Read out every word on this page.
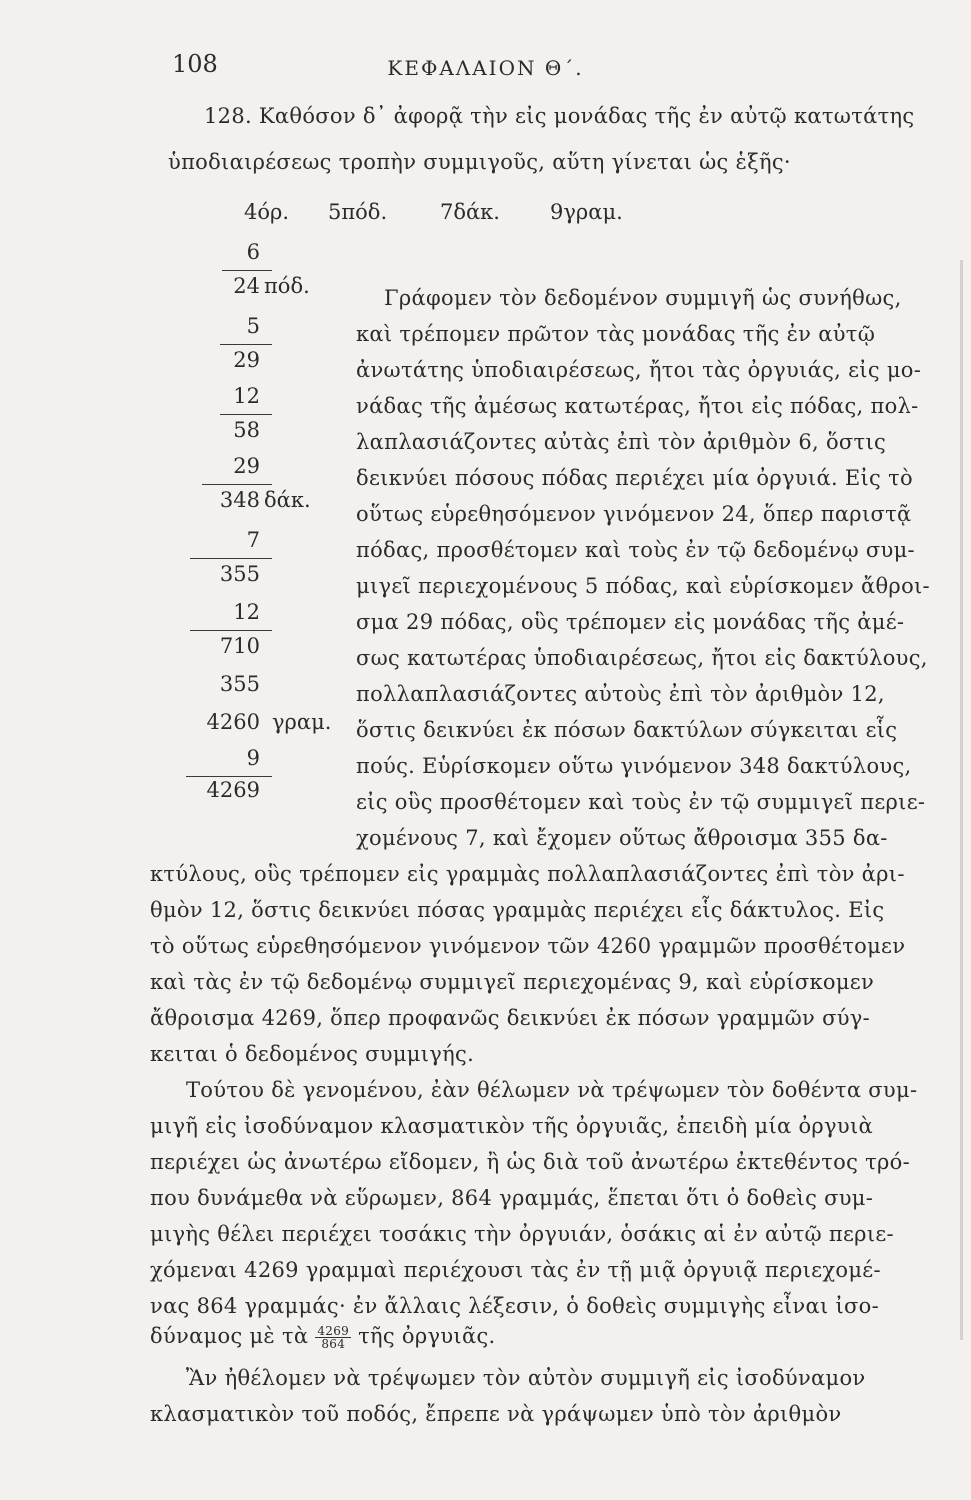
108	ΚΕΦΑΛΑΙΟΝ Θ΄.
128. Καθόσον δ᾽ ἀφορᾷ τὴν εἰς μονάδας τῆς ἐν αὐτῷ κατωτάτης
ὑποδιαιρέσεως τροπὴν συμμιγοῦς, αὕτη γίνεται ὡς ἑξῆς·
4όρ. 5πόδ.	7δάκ. 9γραμ.
6
24 πόδ.
5
29
12
58
29
348 δάκ.
7
355
12
710
355
4260 γραμ.
9
4269
Γράφομεν τὸν δεδομένον συμμιγῆ ὡς συνήθως,
καὶ τρέπομεν πρῶτον τὰς μονάδας τῆς ἐν αὐτῷ
ἀνωτάτης ὑποδιαιρέσεως, ἤτοι τὰς ὀργυιάς, εἰς μο-
νάδας τῆς ἀμέσως κατωτέρας, ἤτοι εἰς πόδας, πολ-
λαπλασιάζοντες αὐτὰς ἐπὶ τὸν ἀριθμὸν 6, ὅστις
δεικνύει πόσους πόδας περιέχει μία ὀργυιά. Εἰς τὸ
οὕτως εὑρεθησόμενον γινόμενον 24, ὅπερ παριστᾷ
πόδας, προσθέτομεν καὶ τοὺς ἐν τῷ δεδομένῳ συμ-
μιγεῖ περιεχομένους 5 πόδας, καὶ εὑρίσκομεν ἄθροι-
σμα 29 πόδας, οὓς τρέπομεν εἰς μονάδας τῆς ἀμέ-
σως κατωτέρας ὑποδιαιρέσεως, ἤτοι εἰς δακτύλους,
πολλαπλασιάζοντες αὐτοὺς ἐπὶ τὸν ἀριθμὸν 12,
ὅστις δεικνύει ἐκ πόσων δακτύλων σύγκειται εἷς
πούς. Εὑρίσκομεν οὕτω γινόμενον 348 δακτύλους,
εἰς οὓς προσθέτομεν καὶ τοὺς ἐν τῷ συμμιγεῖ περιε-
χομένους 7, καὶ ἔχομεν οὕτως ἄθροισμα 355 δα-
κτύλους, οὓς τρέπομεν εἰς γραμμὰς πολλαπλασιάζοντες ἐπὶ τὸν ἀρι-
θμὸν 12, ὅστις δεικνύει πόσας γραμμὰς περιέχει εἷς δάκτυλος. Εἰς
τὸ οὕτως εὑρεθησόμενον γινόμενον τῶν 4260 γραμμῶν προσθέτομεν
καὶ τὰς ἐν τῷ δεδομένῳ συμμιγεῖ περιεχομένας 9, καὶ εὑρίσκομεν
ἄθροισμα 4269, ὅπερ προφανῶς δεικνύει ἐκ πόσων γραμμῶν σύγ-
κειται ὁ δεδομένος συμμιγής.
Τούτου δὲ γενομένου, ἐὰν θέλωμεν νὰ τρέψωμεν τὸν δοθέντα συμ-
μιγῆ εἰς ἰσοδύναμον κλασματικὸν τῆς ὀργυιᾶς, ἐπειδὴ μία ὀργυιὰ
περιέχει ὡς ἀνωτέρω εἴδομεν, ἢ ὡς διὰ τοῦ ἀνωτέρω ἐκτεθέντος τρό-
που δυνάμεθα νὰ εὕρωμεν, 864 γραμμάς, ἕπεται ὅτι ὁ δοθεὶς συμ-
μιγὴς θέλει περιέχει τοσάκις τὴν ὀργυιάν, ὁσάκις αἱ ἐν αὐτῷ περιε-
χόμεναι 4269 γραμμαὶ περιέχουσι τὰς ἐν τῇ μιᾷ ὀργυιᾷ περιεχομέ-
νας 864 γραμμάς· ἐν ἄλλαις λέξεσιν, ὁ δοθεὶς συμμιγὴς εἶναι ἰσο-
δύναμος μὲ τὰ $\frac{4269}{864}$ τῆς ὀργυιᾶς.
Ἂν ἠθέλομεν νὰ τρέψωμεν τὸν αὐτὸν συμμιγῆ εἰς ἰσοδύναμον
κλασματικὸν τοῦ ποδός, ἔπρεπε νὰ γράψωμεν ὑπὸ τὸν ἀριθμὸν
